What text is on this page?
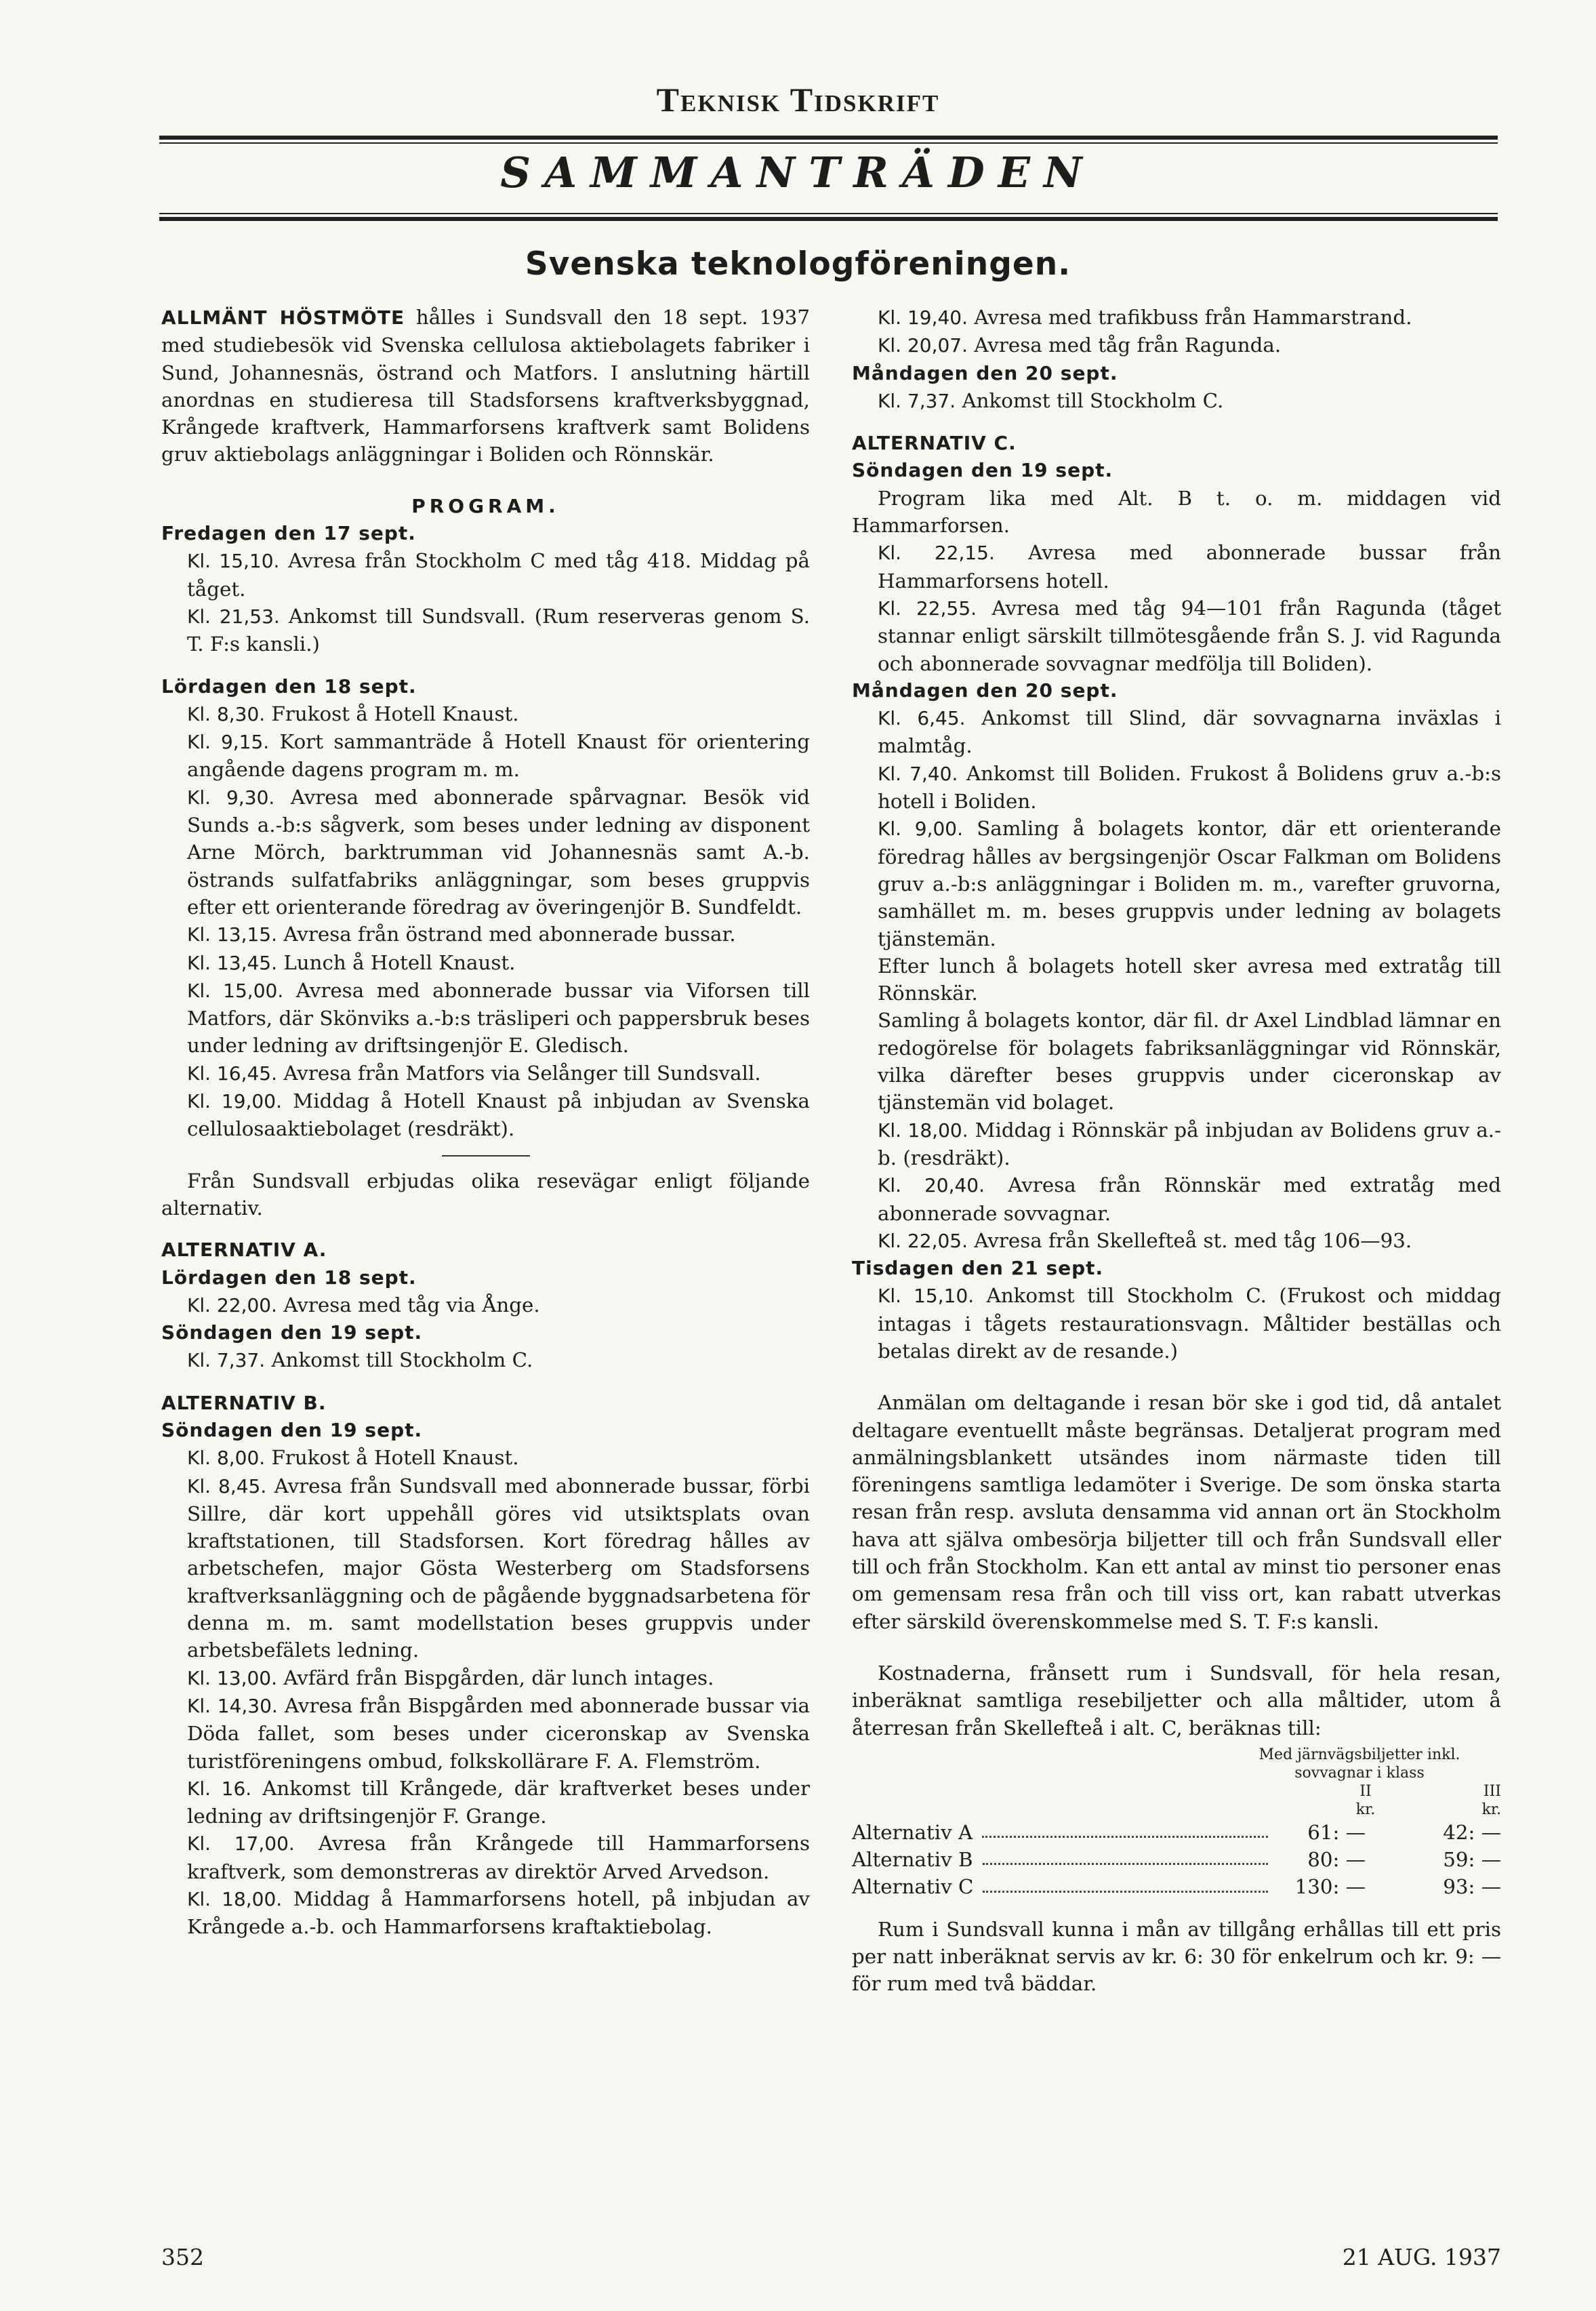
Teknisk Tidskrift
SAMMANTRÄDEN
Svenska teknologföreningen.

ALLMÄNT HÖSTMÖTE hålles i Sundsvall den 18 sept. 1937 med studiebesök vid Svenska cellulosa aktiebolagets fabriker i Sund, Johannesnäs, östrand och Matfors. I anslutning härtill anordnas en studieresa till Stadsforsens kraftverksbyggnad, Krångede kraftverk, Hammarforsens kraftverk samt Bolidens gruv aktiebolags anläggningar i Boliden och Rönnskär.

PROGRAM.

Fredagen den 17 sept.

Kl. 15,10. Avresa från Stockholm C med tåg 418. Middag på tåget.

Kl. 21,53. Ankomst till Sundsvall. (Rum reserveras genom S. T. F:s kansli.)

Lördagen den 18 sept.

Kl. 8,30. Frukost å Hotell Knaust.

Kl. 9,15. Kort sammanträde å Hotell Knaust för orientering angående dagens program m. m.

Kl. 9,30. Avresa med abonnerade spårvagnar. Besök vid Sunds a.-b:s sågverk, som beses under ledning av disponent Arne Mörch, barktrumman vid Johannesnäs samt A.-b. östrands sulfatfabriks anläggningar, som beses gruppvis efter ett orienterande föredrag av överingenjör B. Sundfeldt.

Kl. 13,15. Avresa från östrand med abonnerade bussar.

Kl. 13,45. Lunch å Hotell Knaust.

Kl. 15,00. Avresa med abonnerade bussar via Viforsen till Matfors, där Skönviks a.-b:s träsliperi och pappersbruk beses under ledning av driftsingenjör E. Gledisch.

Kl. 16,45. Avresa från Matfors via Selånger till Sundsvall.

Kl. 19,00. Middag å Hotell Knaust på inbjudan av Svenska cellulosaaktiebolaget (resdräkt).

Från Sundsvall erbjudas olika resevägar enligt följande alternativ.

ALTERNATIV A.

Lördagen den 18 sept.

Kl. 22,00. Avresa med tåg via Ånge.

Söndagen den 19 sept.

Kl. 7,37. Ankomst till Stockholm C.

ALTERNATIV B.

Söndagen den 19 sept.

Kl. 8,00. Frukost å Hotell Knaust.

Kl. 8,45. Avresa från Sundsvall med abonnerade bussar, förbi Sillre, där kort uppehåll göres vid utsiktsplats ovan kraftstationen, till Stadsforsen. Kort föredrag hålles av arbetschefen, major Gösta Westerberg om Stadsforsens kraftverksanläggning och de pågående byggnadsarbetena för denna m. m. samt modellstation beses gruppvis under arbetsbefälets ledning.

Kl. 13,00. Avfärd från Bispgården, där lunch intages.

Kl. 14,30. Avresa från Bispgården med abonnerade bussar via Döda fallet, som beses under ciceronskap av Svenska turistföreningens ombud, folkskollärare F. A. Flemström.

Kl. 16. Ankomst till Krångede, där kraftverket beses under ledning av driftsingenjör F. Grange.

Kl. 17,00. Avresa från Krångede till Hammarforsens kraftverk, som demonstreras av direktör Arved Arvedson.

Kl. 18,00. Middag å Hammarforsens hotell, på inbjudan av Krångede a.-b. och Hammarforsens kraftaktiebolag.

Kl. 19,40. Avresa med trafikbuss från Hammarstrand.

Kl. 20,07. Avresa med tåg från Ragunda.

Måndagen den 20 sept.

Kl. 7,37. Ankomst till Stockholm C.

ALTERNATIV C.

Söndagen den 19 sept.

Program lika med Alt. B t. o. m. middagen vid Hammarforsen.

Kl. 22,15. Avresa med abonnerade bussar från Hammarforsens hotell.

Kl. 22,55. Avresa med tåg 94—101 från Ragunda (tåget stannar enligt särskilt tillmötesgående från S. J. vid Ragunda och abonnerade sovvagnar medfölja till Boliden).

Måndagen den 20 sept.

Kl. 6,45. Ankomst till Slind, där sovvagnarna inväxlas i malmtåg.

Kl. 7,40. Ankomst till Boliden. Frukost å Bolidens gruv a.-b:s hotell i Boliden.

Kl. 9,00. Samling å bolagets kontor, där ett orienterande föredrag hålles av bergsingenjör Oscar Falkman om Bolidens gruv a.-b:s anläggningar i Boliden m. m., varefter gruvorna, samhället m. m. beses gruppvis under ledning av bolagets tjänstemän.

Efter lunch å bolagets hotell sker avresa med extratåg till Rönnskär.

Samling å bolagets kontor, där fil. dr Axel Lindblad lämnar en redogörelse för bolagets fabriksanläggningar vid Rönnskär, vilka därefter beses gruppvis under ciceronskap av tjänstemän vid bolaget.

Kl. 18,00. Middag i Rönnskär på inbjudan av Bolidens gruv a.-b. (resdräkt).

Kl. 20,40. Avresa från Rönnskär med extratåg med abonnerade sovvagnar.

Kl. 22,05. Avresa från Skellefteå st. med tåg 106—93.

Tisdagen den 21 sept.

Kl. 15,10. Ankomst till Stockholm C. (Frukost och middag intagas i tågets restaurationsvagn. Måltider beställas och betalas direkt av de resande.)

Anmälan om deltagande i resan bör ske i god tid, då antalet deltagare eventuellt måste begränsas. Detaljerat program med anmälningsblankett utsändes inom närmaste tiden till föreningens samtliga ledamöter i Sverige. De som önska starta resan från resp. avsluta densamma vid annan ort än Stockholm hava att själva ombesörja biljetter till och från Sundsvall eller till och från Stockholm. Kan ett antal av minst tio personer enas om gemensam resa från och till viss ort, kan rabatt utverkas efter särskild överenskommelse med S. T. F:s kansli.

Kostnaderna, frånsett rum i Sundsvall, för hela resan, inberäknat samtliga resebiljetter och alla måltider, utom å återresan från Skellefteå i alt. C, beräknas till:

Med järnvägsbiljetter inkl. sovvagnar i klass
II	III
kr.	kr.
Alternativ A	61: —	42: —
Alternativ B	80: —	59: —
Alternativ C	130: —	93: —

Rum i Sundsvall kunna i mån av tillgång erhållas till ett pris per natt inberäknat servis av kr. 6: 30 för enkelrum och kr. 9: — för rum med två bäddar.

352	21 AUG. 1937
